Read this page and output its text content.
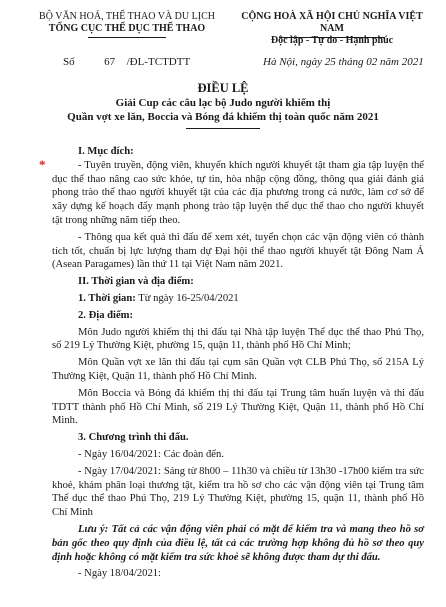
BỘ VĂN HOÁ, THỂ THAO VÀ DU LỊCH
TỔNG CỤC THỂ DỤC THỂ THAO
CỘNG HOÀ XÃ HỘI CHỦ NGHĨA VIỆT NAM
Độc lập - Tự do - Hạnh phúc
Số	67 /ĐL-TCTDTT	Hà Nội, ngày 25 tháng 02 năm 2021
ĐIỀU LỆ
Giải Cup các câu lạc bộ Judo người khiếm thị
Quần vợt xe lăn, Boccia và Bóng đá khiếm thị toàn quốc năm 2021
*

I. Mục đích:

- Tuyên truyền, động viên, khuyến khích người khuyết tật tham gia tập luyện thể dục thể thao nâng cao sức khỏe, tự tin, hòa nhập cộng đồng, thông qua giải đánh giá phong trào thể thao người khuyết tật của các địa phương trong cả nước, làm cơ sở để xây dựng kế hoạch đẩy mạnh phong trào tập luyện thể dục thể thao cho người khuyết tật trong những năm tiếp theo.

- Thông qua kết quả thi đấu để xem xét, tuyển chọn các vận động viên có thành tích tốt, chuẩn bị lực lượng tham dự Đại hội thể thao người khuyết tật Đông Nam Á (Asean Paragames) lần thứ 11 tại Việt Nam năm 2021.

II. Thời gian và địa điểm:

1. Thời gian: Từ ngày 16-25/04/2021

2. Địa điểm:

Môn Judo người khiếm thị thi đấu tại Nhà tập luyện Thể dục thể thao Phú Thọ, số 219 Lý Thường Kiệt, phường 15, quận 11, thành phố Hồ Chí Minh;

Môn Quần vợt xe lăn thi đấu tại cụm sân Quần vợt CLB Phú Thọ, số 215A Lý Thường Kiệt, Quận 11, thành phố Hồ Chí Minh.

Môn Boccia và Bóng đá khiếm thị thi đấu tại Trung tâm huấn luyện và thi đấu TDTT thành phố Hồ Chí Minh, số 219 Lý Thường Kiệt, Quận 11, thành phố Hồ Chí Minh.

3. Chương trình thi đấu.

- Ngày 16/04/2021: Các đoàn đến.

- Ngày 17/04/2021: Sáng từ 8h00 – 11h30 và chiều từ 13h30 -17h00 kiểm tra sức khoẻ, khám phân loại thương tật, kiểm tra hồ sơ cho các vận động viên tại Trung tâm Thể dục thể thao Phú Thọ, 219 Lý Thường Kiệt, phường 15, quận 11, thành phố Hồ Chí Minh

Lưu ý: Tất cả các vận động viên phải có mặt để kiểm tra và mang theo hồ sơ bản gốc theo quy định của điều lệ, tất cả các trường hợp không đủ hồ sơ theo quy định hoặc không có mặt kiểm tra sức khoẻ sẽ không được tham dự thi đấu.

- Ngày 18/04/2021:
